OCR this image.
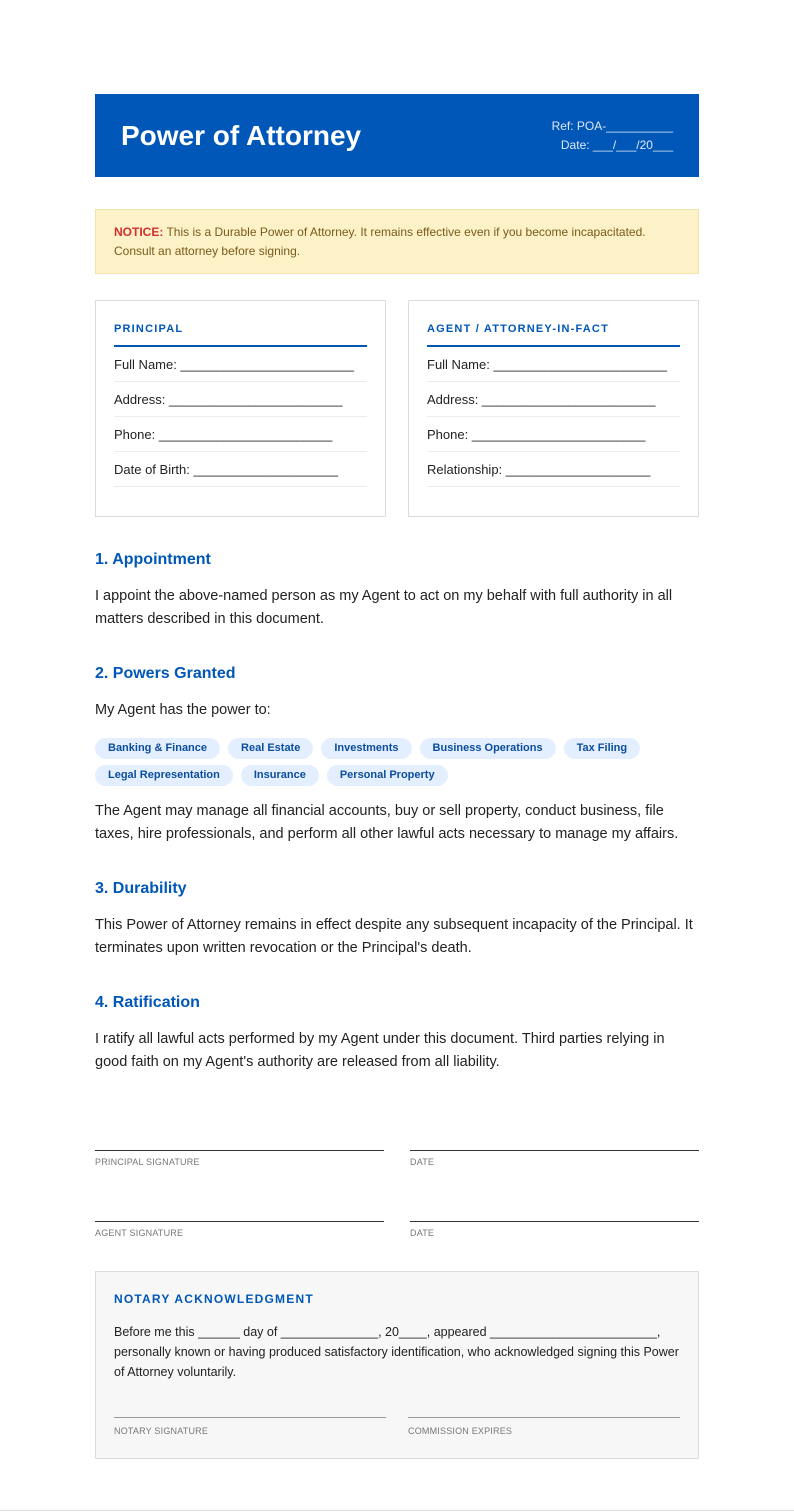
Power of Attorney	Ref: POA-__________
Date: ___/___/20___
NOTICE: This is a Durable Power of Attorney. It remains effective even if you become incapacitated. Consult an attorney before signing.
PRINCIPAL
Full Name: ________________________
Address: ________________________
Phone: ________________________
Date of Birth: ____________________
AGENT / ATTORNEY-IN-FACT
Full Name: ________________________
Address: ________________________
Phone: ________________________
Relationship: ____________________
1. Appointment

I appoint the above-named person as my Agent to act on my behalf with full authority in all matters described in this document.

2. Powers Granted

My Agent has the power to:

Banking & Finance	Real Estate	Investments	Business Operations	Tax Filing
Legal Representation	Insurance	Personal Property

The Agent may manage all financial accounts, buy or sell property, conduct business, file taxes, hire professionals, and perform all other lawful acts necessary to manage my affairs.

3. Durability

This Power of Attorney remains in effect despite any subsequent incapacity of the Principal. It terminates upon written revocation or the Principal's death.

4. Ratification

I ratify all lawful acts performed by my Agent under this document. Third parties relying in good faith on my Agent's authority are released from all liability.

PRINCIPAL SIGNATURE	DATE
AGENT SIGNATURE	DATE
NOTARY ACKNOWLEDGMENT

Before me this ______ day of ______________, 20____, appeared ________________________, personally known or having produced satisfactory identification, who acknowledged signing this Power of Attorney voluntarily.

NOTARY SIGNATURE	COMMISSION EXPIRES
